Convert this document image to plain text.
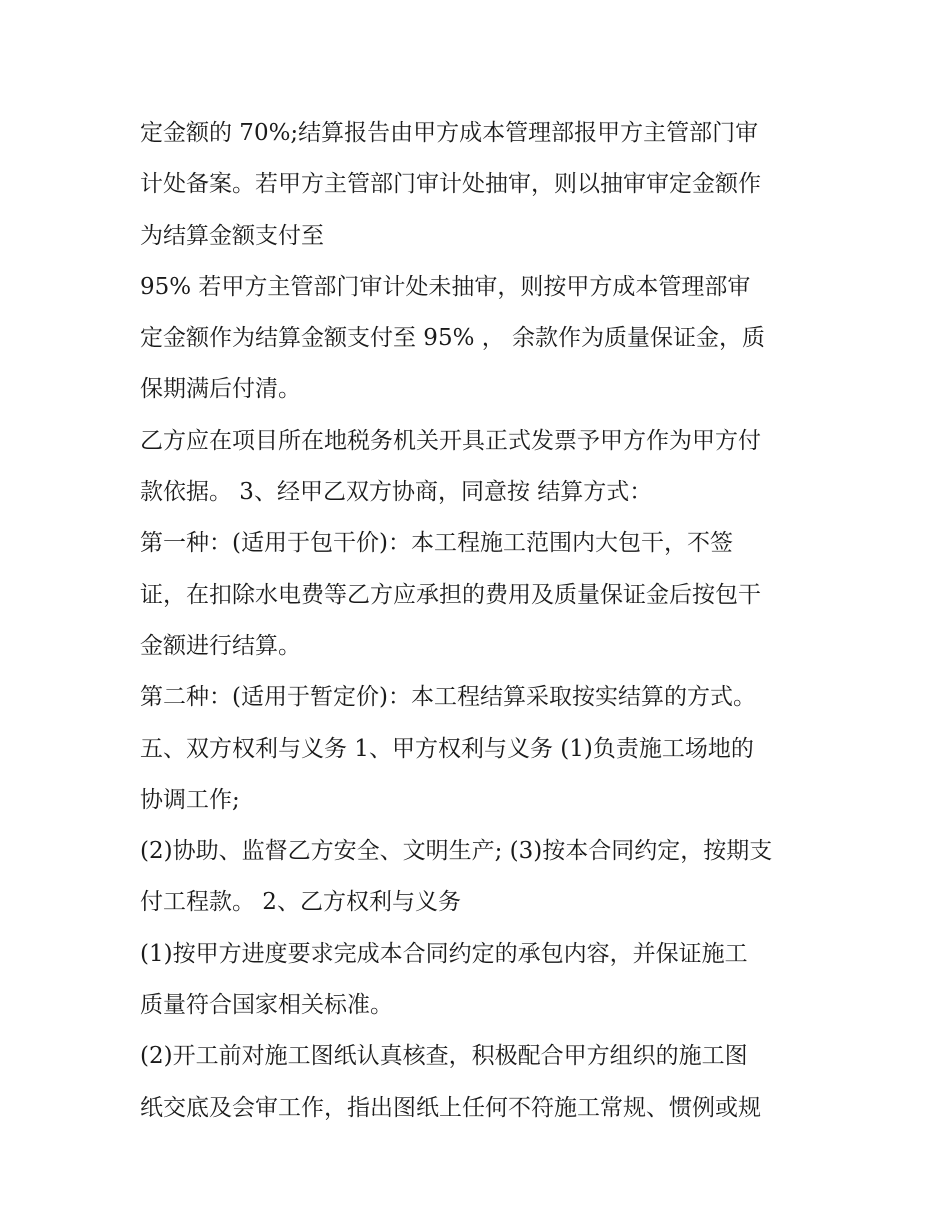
定金额的 70%;结算报告由甲方成本管理部报甲方主管部门审
计处备案。若甲方主管部门审计处抽审，则以抽审审定金额作
为结算金额支付至
95% 若甲方主管部门审计处未抽审，则按甲方成本管理部审
定金额作为结算金额支付至 95% ， 余款作为质量保证金，质
保期满后付清。
乙方应在项目所在地税务机关开具正式发票予甲方作为甲方付
款依据。 3、经甲乙双方协商，同意按 结算方式：
第一种：(适用于包干价)：本工程施工范围内大包干，不签
证，在扣除水电费等乙方应承担的费用及质量保证金后按包干
金额进行结算。
第二种：(适用于暂定价)：本工程结算采取按实结算的方式。
五、双方权利与义务 1、甲方权利与义务 (1)负责施工场地的
协调工作;
(2)协助、监督乙方安全、文明生产; (3)按本合同约定，按期支
付工程款。 2、乙方权利与义务
(1)按甲方进度要求完成本合同约定的承包内容，并保证施工
质量符合国家相关标准。
(2)开工前对施工图纸认真核查，积极配合甲方组织的施工图
纸交底及会审工作，指出图纸上任何不符施工常规、惯例或规
